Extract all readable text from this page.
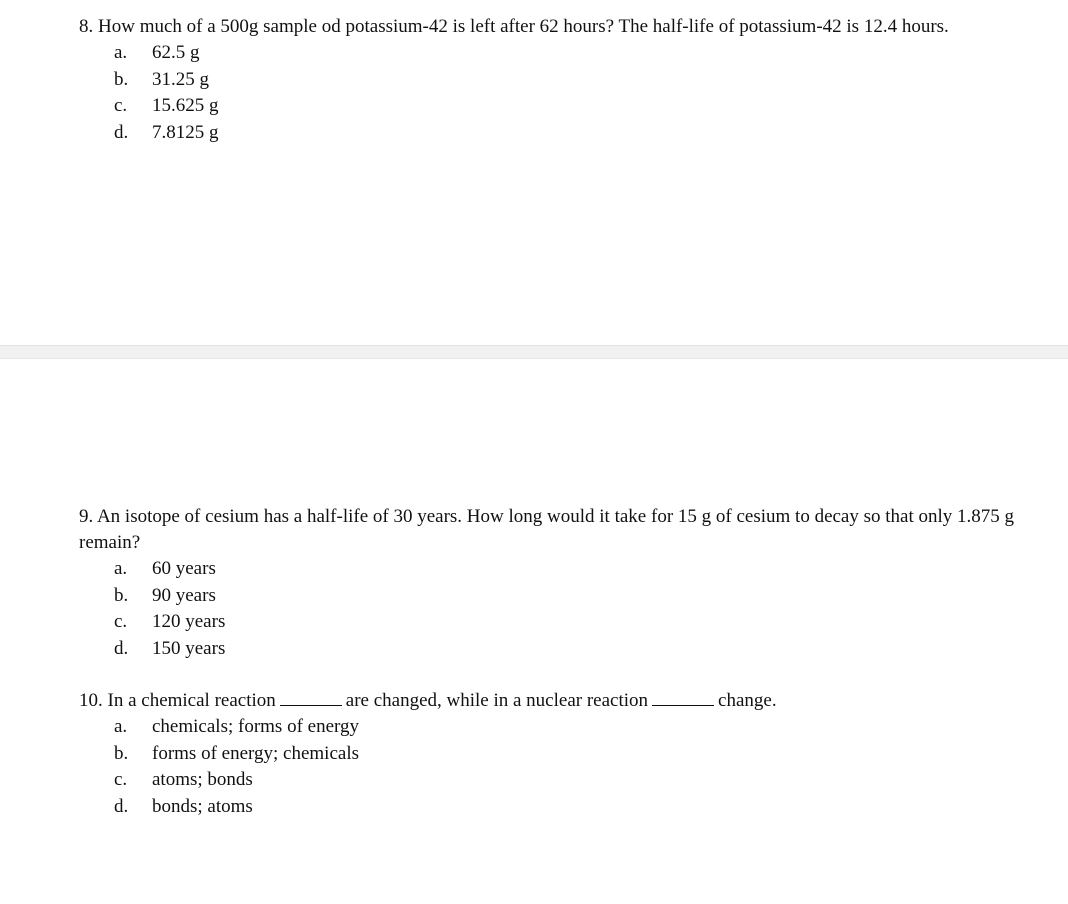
8. How much of a 500g sample od potassium-42 is left after 62 hours? The half-life of potassium-42 is 12.4 hours.

a.	62.5 g
b.	31.25 g
c.	15.625 g
d.	7.8125 g

9. An isotope of cesium has a half-life of 30 years. How long would it take for 15 g of cesium to decay so that only 1.875 g remain?

a.	60 years
b.	90 years
c.	120 years
d.	150 years

10. In a chemical reaction	are changed, while in a nuclear reaction	change.

a.	chemicals; forms of energy
b.	forms of energy; chemicals
c.	atoms; bonds
d.	bonds; atoms
